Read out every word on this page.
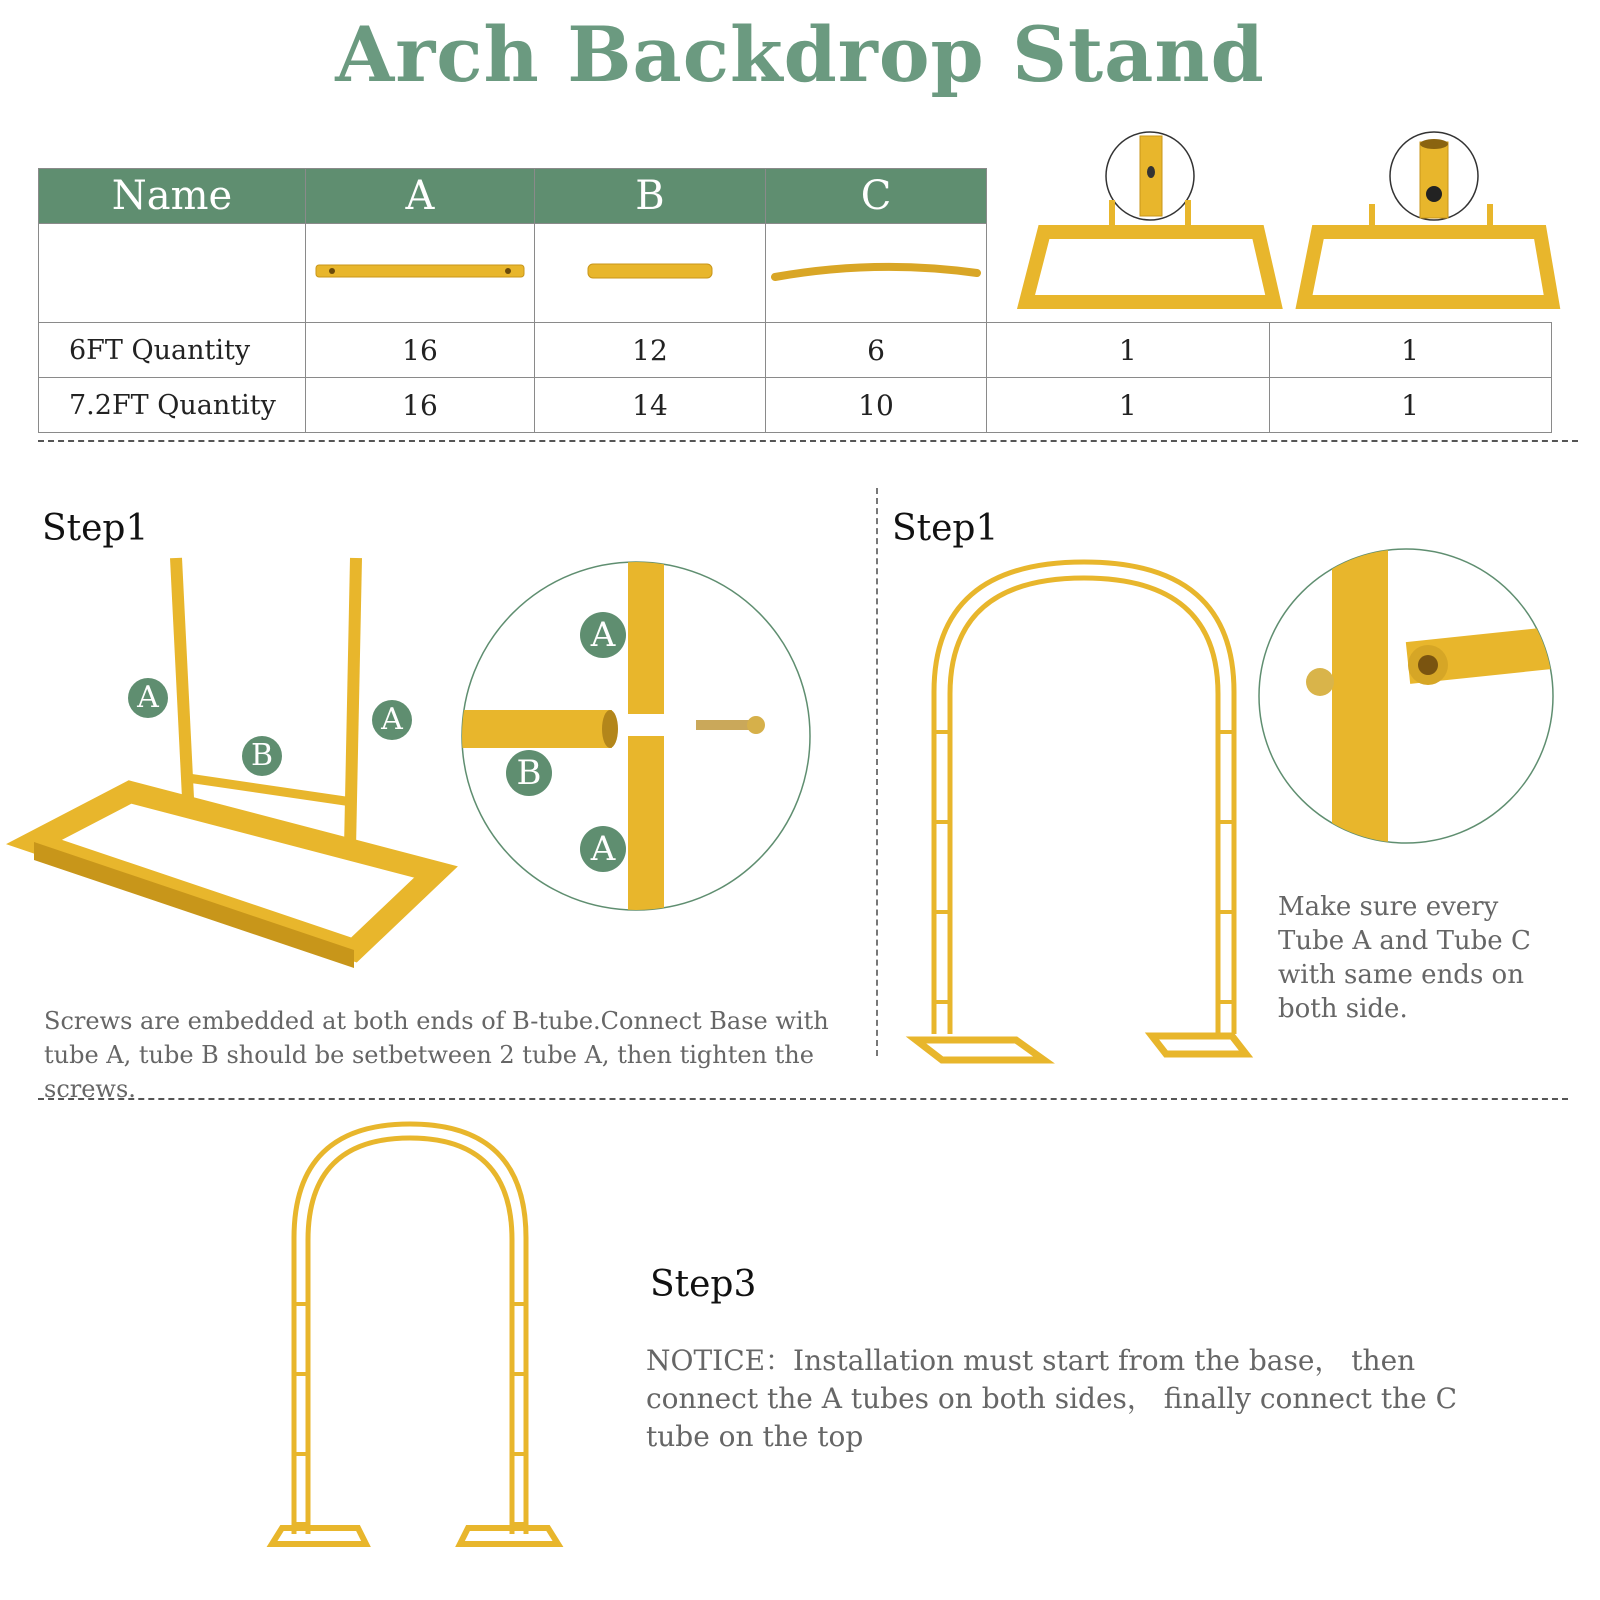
Arch Backdrop Stand
Name	A	B	C		

6FT Quantity	16	12	6	1	1
7.2FT Quantity	16	14	10	1	1
Step1
A
B
A
A
B
A
Screws are embedded at both ends of B-tube.Connect Base with tube A, tube B should be setbetween 2 tube A, then tighten the screws.
Step1
Make sure every Tube A and Tube C with same ends on both side.
Step3
NOTICE：Installation must start from the base， then connect the A tubes on both sides， finally connect the C tube on the top
